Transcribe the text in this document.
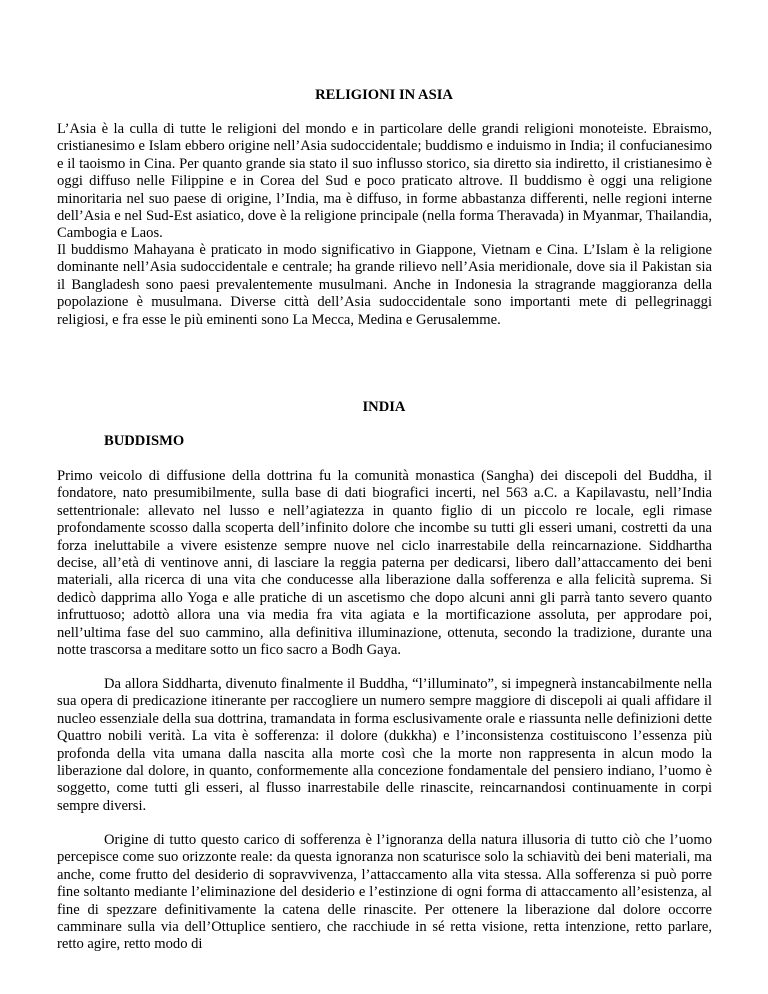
RELIGIONI IN ASIA

L’Asia è la culla di tutte le religioni del mondo e in particolare delle grandi religioni monoteiste. Ebraismo, cristianesimo e Islam ebbero origine nell’Asia sudoccidentale; buddismo e induismo in India; il confucianesimo e il taoismo in Cina. Per quanto grande sia stato il suo influsso storico, sia diretto sia indiretto, il cristianesimo è oggi diffuso nelle Filippine e in Corea del Sud e poco praticato altrove. Il buddismo è oggi una religione minoritaria nel suo paese di origine, l’India, ma è diffuso, in forme abbastanza differenti, nelle regioni interne dell’Asia e nel Sud-Est asiatico, dove è la religione principale (nella forma Theravada) in Myanmar, Thailandia, Cambogia e Laos.

Il buddismo Mahayana è praticato in modo significativo in Giappone, Vietnam e Cina. L’Islam è la religione dominante nell’Asia sudoccidentale e centrale; ha grande rilievo nell’Asia meridionale, dove sia il Pakistan sia il Bangladesh sono paesi prevalentemente musulmani. Anche in Indonesia la stragrande maggioranza della popolazione è musulmana. Diverse città dell’Asia sudoccidentale sono importanti mete di pellegrinaggi religiosi, e fra esse le più eminenti sono La Mecca, Medina e Gerusalemme.

INDIA
BUDDISMO

Primo veicolo di diffusione della dottrina fu la comunità monastica (Sangha) dei discepoli del Buddha, il fondatore, nato presumibilmente, sulla base di dati biografici incerti, nel 563 a.C. a Kapilavastu, nell’India settentrionale: allevato nel lusso e nell’agiatezza in quanto figlio di un piccolo re locale, egli rimase profondamente scosso dalla scoperta dell’infinito dolore che incombe su tutti gli esseri umani, costretti da una forza ineluttabile a vivere esistenze sempre nuove nel ciclo inarrestabile della reincarnazione. Siddhartha decise, all’età di ventinove anni, di lasciare la reggia paterna per dedicarsi, libero dall’attaccamento dei beni materiali, alla ricerca di una vita che conducesse alla liberazione dalla sofferenza e alla felicità suprema. Si dedicò dapprima allo Yoga e alle pratiche di un ascetismo che dopo alcuni anni gli parrà tanto severo quanto infruttuoso; adottò allora una via media fra vita agiata e la mortificazione assoluta, per approdare poi, nell’ultima fase del suo cammino, alla definitiva illuminazione, ottenuta, secondo la tradizione, durante una notte trascorsa a meditare sotto un fico sacro a Bodh Gaya.

Da allora Siddharta, divenuto finalmente il Buddha, “l’illuminato”, si impegnerà instancabilmente nella sua opera di predicazione itinerante per raccogliere un numero sempre maggiore di discepoli ai quali affidare il nucleo essenziale della sua dottrina, tramandata in forma esclusivamente orale e riassunta nelle definizioni dette Quattro nobili verità. La vita è sofferenza: il dolore (dukkha) e l’inconsistenza costituiscono l’essenza più profonda della vita umana dalla nascita alla morte così che la morte non rappresenta in alcun modo la liberazione dal dolore, in quanto, conformemente alla concezione fondamentale del pensiero indiano, l’uomo è soggetto, come tutti gli esseri, al flusso inarrestabile delle rinascite, reincarnandosi continuamente in corpi sempre diversi.

Origine di tutto questo carico di sofferenza è l’ignoranza della natura illusoria di tutto ciò che l’uomo percepisce come suo orizzonte reale: da questa ignoranza non scaturisce solo la schiavitù dei beni materiali, ma anche, come frutto del desiderio di sopravvivenza, l’attaccamento alla vita stessa. Alla sofferenza si può porre fine soltanto mediante l’eliminazione del desiderio e l’estinzione di ogni forma di attaccamento all’esistenza, al fine di spezzare definitivamente la catena delle rinascite. Per ottenere la liberazione dal dolore occorre camminare sulla via dell’Ottuplice sentiero, che racchiude in sé retta visione, retta intenzione, retto parlare, retto agire, retto modo di
